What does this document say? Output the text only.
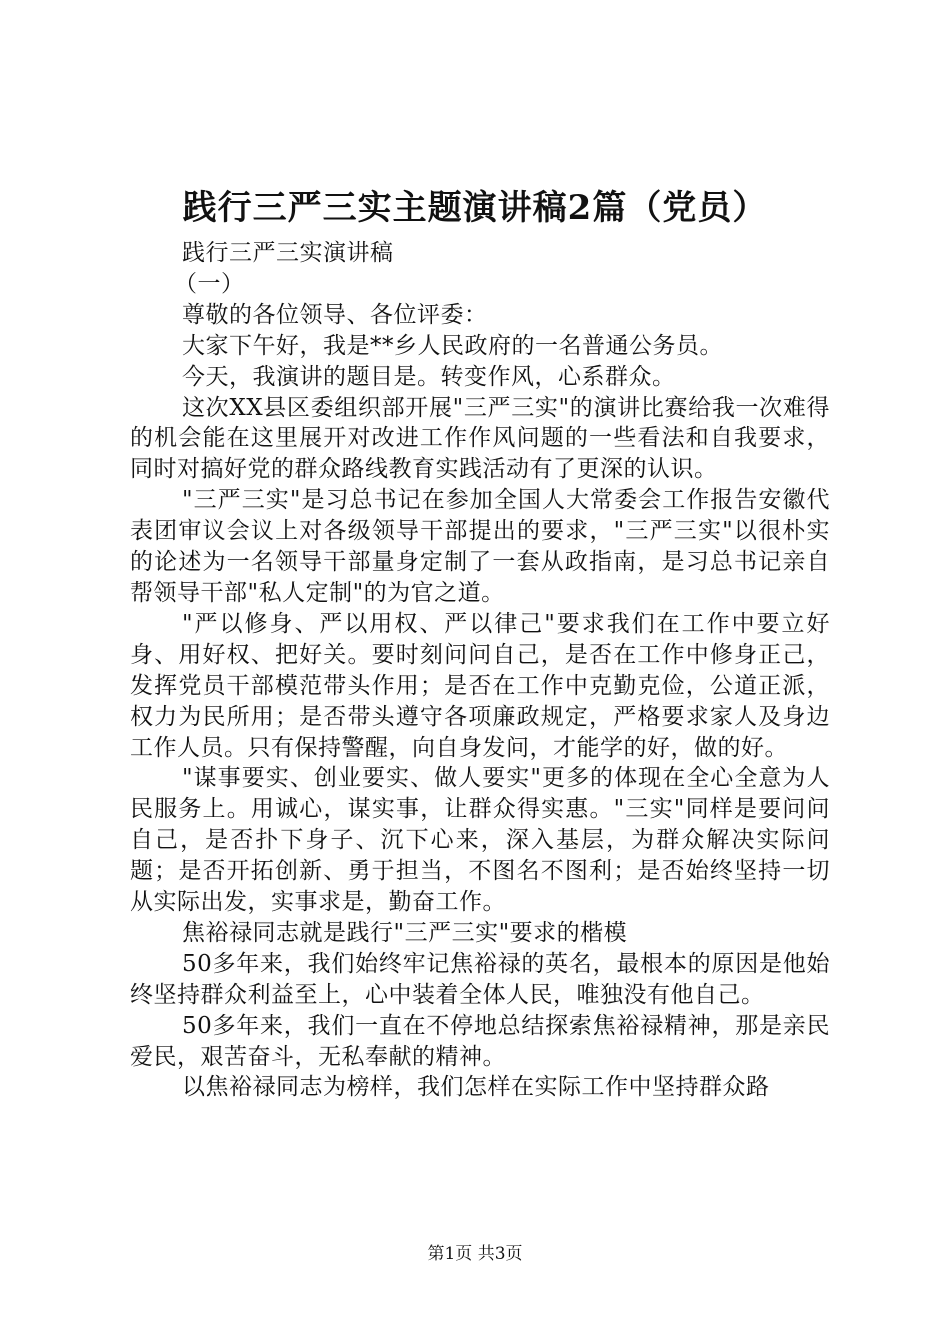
践行三严三实主题演讲稿2篇（党员）

践行三严三实演讲稿

（一）

尊敬的各位领导、各位评委：

大家下午好，我是**乡人民政府的一名普通公务员。

今天，我演讲的题目是。转变作风，心系群众。

这次XX县区委组织部开展"三严三实"的演讲比赛给我一次难得的机会能在这里展开对改进工作作风问题的一些看法和自我要求，同时对搞好党的群众路线教育实践活动有了更深的认识。

"三严三实"是习总书记在参加全国人大常委会工作报告安徽代表团审议会议上对各级领导干部提出的要求，"三严三实"以很朴实的论述为一名领导干部量身定制了一套从政指南，是习总书记亲自帮领导干部"私人定制"的为官之道。

"严以修身、严以用权、严以律己"要求我们在工作中要立好身、用好权、把好关。要时刻问问自己，是否在工作中修身正己，发挥党员干部模范带头作用；是否在工作中克勤克俭，公道正派，权力为民所用；是否带头遵守各项廉政规定，严格要求家人及身边工作人员。只有保持警醒，向自身发问，才能学的好，做的好。

"谋事要实、创业要实、做人要实"更多的体现在全心全意为人民服务上。用诚心，谋实事，让群众得实惠。"三实"同样是要问问自己，是否扑下身子、沉下心来，深入基层，为群众解决实际问题；是否开拓创新、勇于担当，不图名不图利；是否始终坚持一切从实际出发，实事求是，勤奋工作。

焦裕禄同志就是践行"三严三实"要求的楷模

50多年来，我们始终牢记焦裕禄的英名，最根本的原因是他始终坚持群众利益至上，心中装着全体人民，唯独没有他自己。

50多年来，我们一直在不停地总结探索焦裕禄精神，那是亲民爱民，艰苦奋斗，无私奉献的精神。

以焦裕禄同志为榜样，我们怎样在实际工作中坚持群众路

第1页 共3页
